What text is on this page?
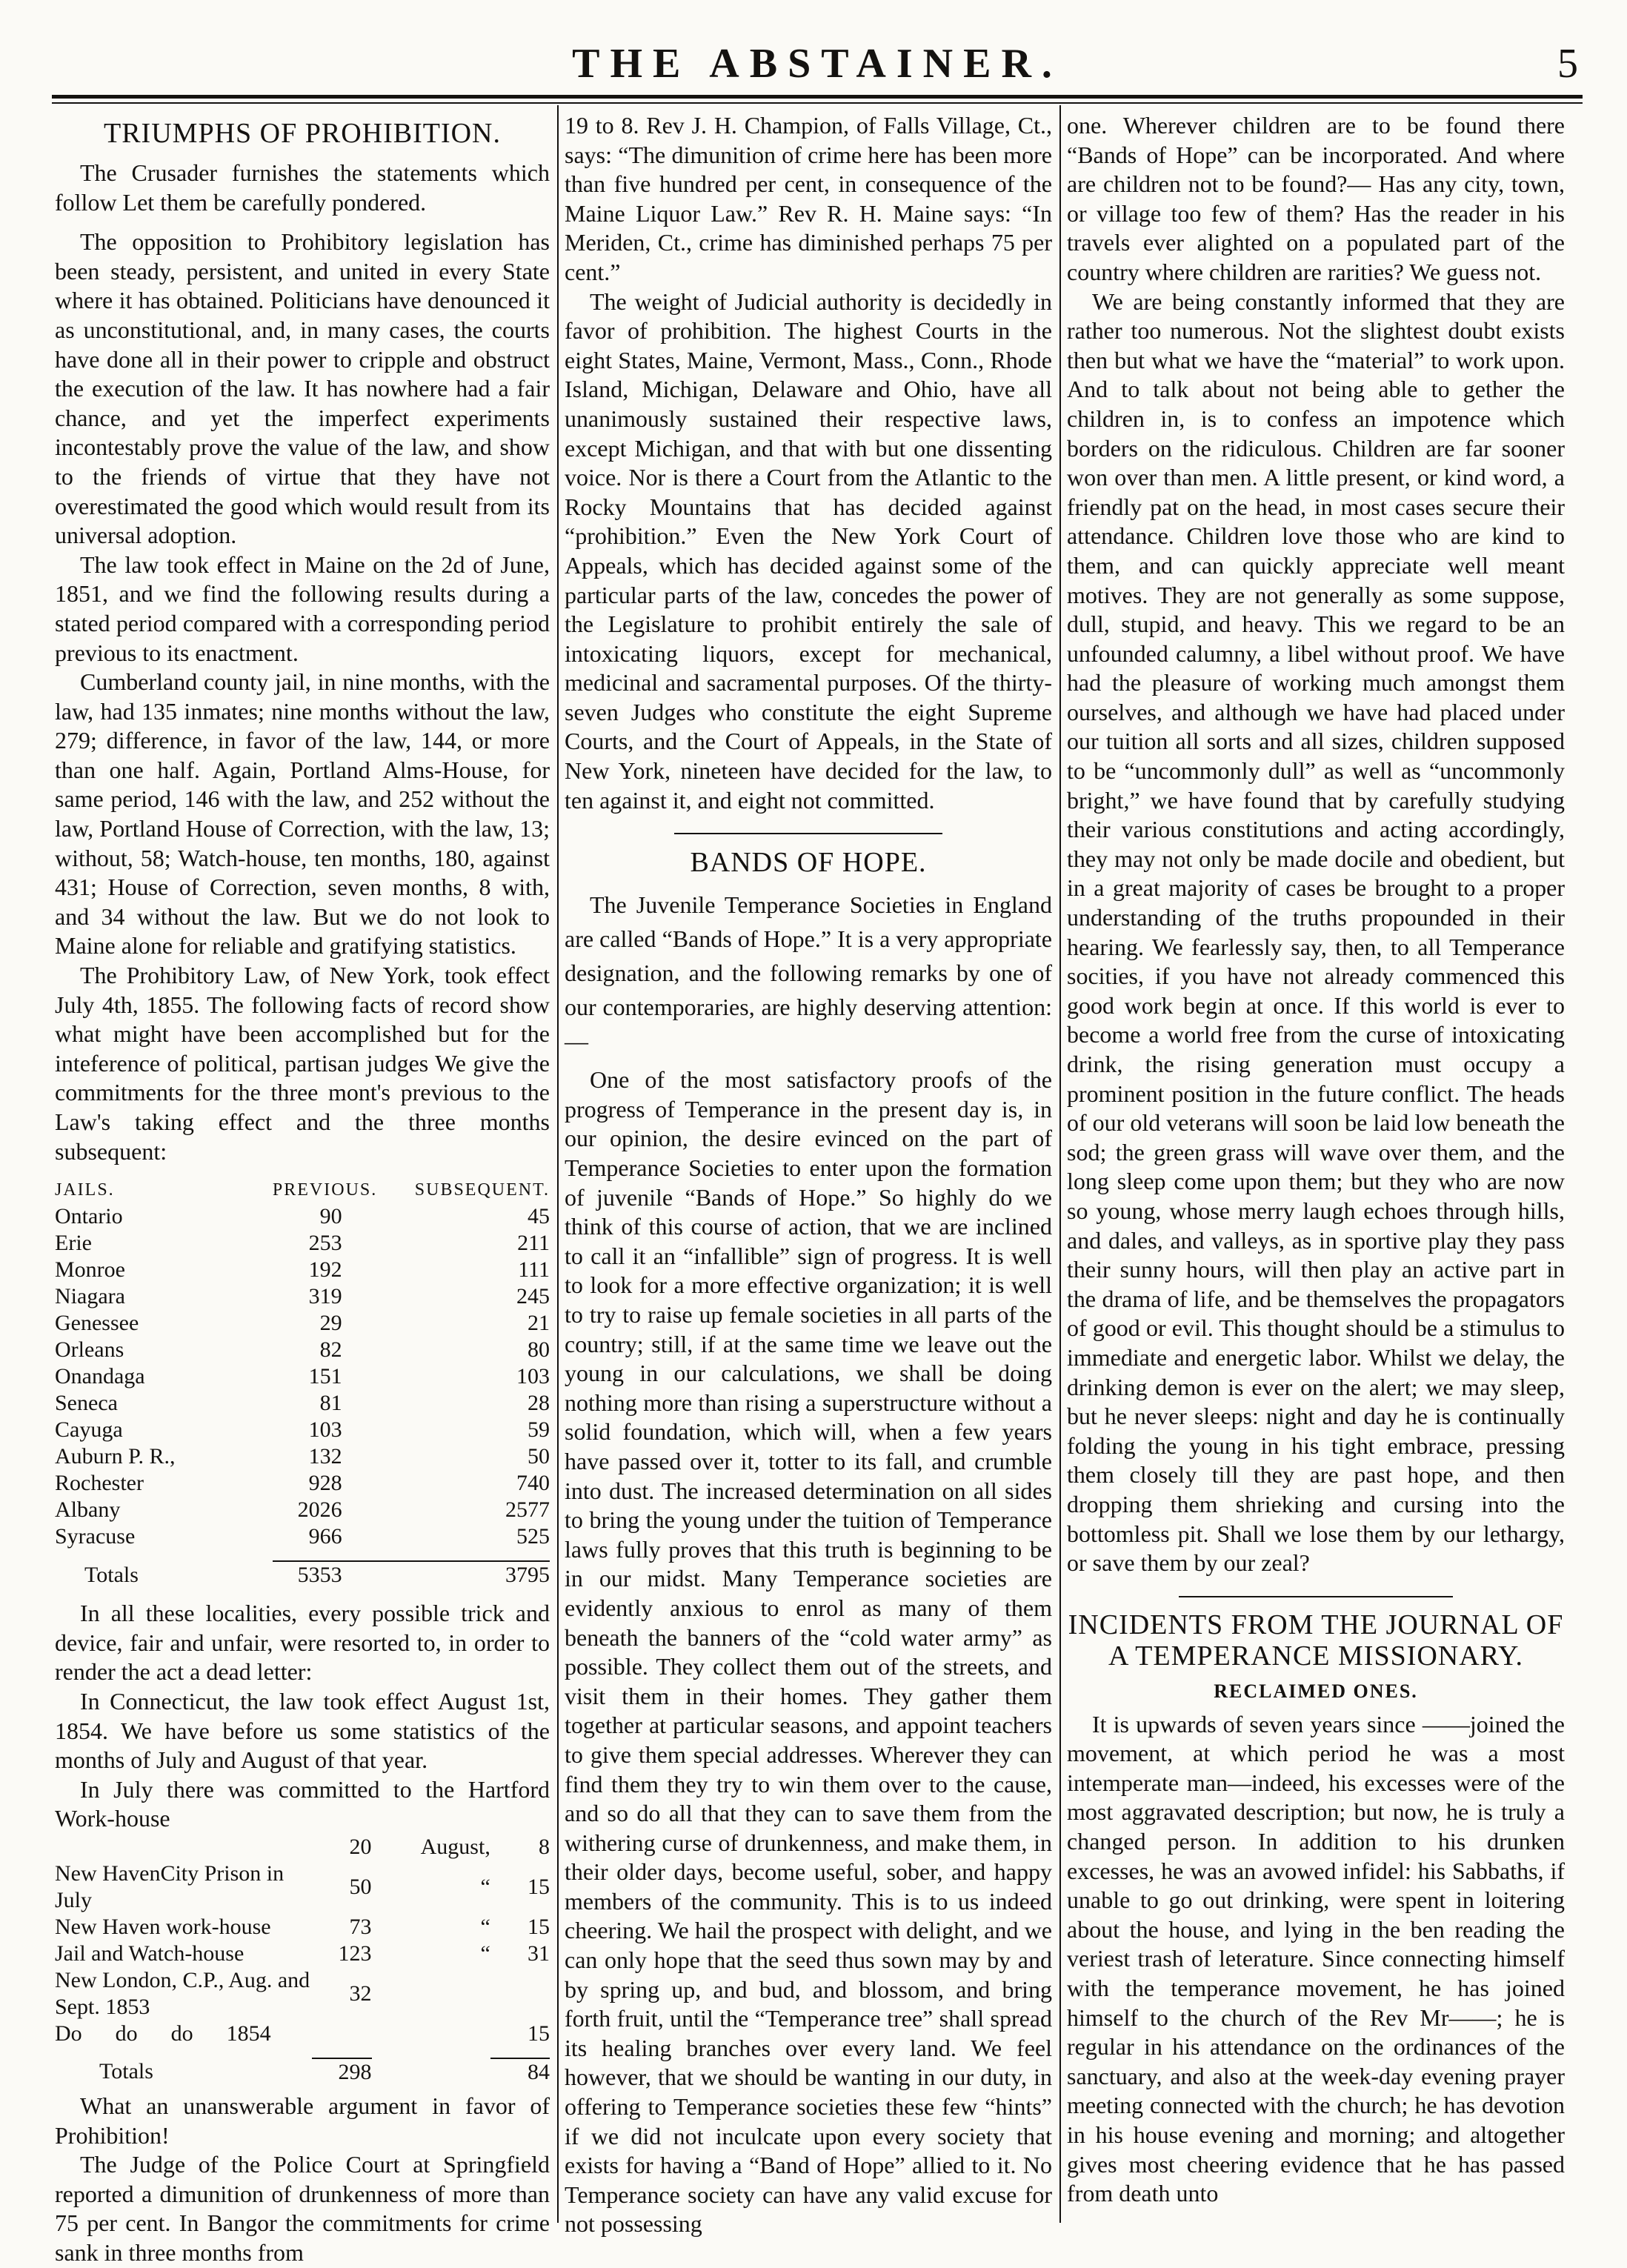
THE ABSTAINER.	5
TRIUMPHS OF PROHIBITION.

The Crusader furnishes the statements which follow Let them be carefully pondered.

The opposition to Prohibitory legislation has been steady, persistent, and united in every State where it has obtained. Politicians have denounced it as unconstitutional, and, in many cases, the courts have done all in their power to cripple and obstruct the execution of the law. It has nowhere had a fair chance, and yet the imperfect experiments incontestably prove the value of the law, and show to the friends of virtue that they have not overestimated the good which would result from its universal adoption.

The law took effect in Maine on the 2d of June, 1851, and we find the following results during a stated period compared with a corresponding period previous to its enactment.

Cumberland county jail, in nine months, with the law, had 135 inmates; nine months without the law, 279; difference, in favor of the law, 144, or more than one half. Again, Portland Alms-House, for same period, 146 with the law, and 252 without the law, Portland House of Correction, with the law, 13; without, 58; Watch-house, ten months, 180, against 431; House of Correction, seven months, 8 with, and 34 without the law. But we do not look to Maine alone for reliable and gratifying statistics.

The Prohibitory Law, of New York, took effect July 4th, 1855. The following facts of record show what might have been accomplished but for the inteference of political, partisan judges We give the commitments for the three mont's previous to the Law's taking effect and the three months subsequent:

JAILS.	PREVIOUS.	SUBSEQUENT.
Ontario	90	45
Erie	253	211
Monroe	192	111
Niagara	319	245
Genessee	29	21
Orleans	82	80
Onandaga	151	103
Seneca	81	28
Cayuga	103	59
Auburn P. R.,	132	50
Rochester	928	740
Albany	2026	2577
Syracuse	966	525

Totals	5353	3795

In all these localities, every possible trick and device, fair and unfair, were resorted to, in order to render the act a dead letter:

In Connecticut, the law took effect August 1st, 1854. We have before us some statistics of the months of July and August of that year.

In July there was committed to the Hartford Work-house

	20	August,	8
New HavenCity Prison in July	50	“	15
New Haven work-house	73	“	15
Jail and Watch-house	123	“	31
New London, C.P., Aug. and Sept. 1853	32		
Do      do      do      1854			15

Totals	298		84

What an unanswerable argument in favor of Prohibition!

The Judge of the Police Court at Springfield reported a dimunition of drunkenness of more than 75 per cent. In Bangor the commitments for crime sank in three months from

19 to 8. Rev J. H. Champion, of Falls Village, Ct., says: “The dimunition of crime here has been more than five hundred per cent, in consequence of the Maine Liquor Law.” Rev R. H. Maine says: “In Meriden, Ct., crime has diminished perhaps 75 per cent.”

The weight of Judicial authority is decidedly in favor of prohibition. The highest Courts in the eight States, Maine, Vermont, Mass., Conn., Rhode Island, Michigan, Delaware and Ohio, have all unanimously sustained their respective laws, except Michigan, and that with but one dissenting voice. Nor is there a Court from the Atlantic to the Rocky Mountains that has decided against “prohibition.” Even the New York Court of Appeals, which has decided against some of the particular parts of the law, concedes the power of the Legislature to prohibit entirely the sale of intoxicating liquors, except for mechanical, medicinal and sacramental purposes. Of the thirty-seven Judges who constitute the eight Supreme Courts, and the Court of Appeals, in the State of New York, nineteen have decided for the law, to ten against it, and eight not committed.

BANDS OF HOPE.

The Juvenile Temperance Societies in England are called “Bands of Hope.” It is a very appropriate designation, and the following remarks by one of our contemporaries, are highly deserving attention:—

One of the most satisfactory proofs of the progress of Temperance in the present day is, in our opinion, the desire evinced on the part of Temperance Societies to enter upon the formation of juvenile “Bands of Hope.” So highly do we think of this course of action, that we are inclined to call it an “infallible” sign of progress. It is well to look for a more effective organization; it is well to try to raise up female societies in all parts of the country; still, if at the same time we leave out the young in our calculations, we shall be doing nothing more than rising a superstructure without a solid foundation, which will, when a few years have passed over it, totter to its fall, and crumble into dust. The increased determination on all sides to bring the young under the tuition of Temperance laws fully proves that this truth is beginning to be in our midst. Many Temperance societies are evidently anxious to enrol as many of them beneath the banners of the “cold water army” as possible. They collect them out of the streets, and visit them in their homes. They gather them together at particular seasons, and appoint teachers to give them special addresses. Wherever they can find them they try to win them over to the cause, and so do all that they can to save them from the withering curse of drunkenness, and make them, in their older days, become useful, sober, and happy members of the community. This is to us indeed cheering. We hail the prospect with delight, and we can only hope that the seed thus sown may by and by spring up, and bud, and blossom, and bring forth fruit, until the “Temperance tree” shall spread its healing branches over every land. We feel however, that we should be wanting in our duty, in offering to Temperance societies these few “hints” if we did not inculcate upon every society that exists for having a “Band of Hope” allied to it. No Temperance society can have any valid excuse for not possessing

one. Wherever children are to be found there “Bands of Hope” can be incorporated. And where are children not to be found?— Has any city, town, or village too few of them? Has the reader in his travels ever alighted on a populated part of the country where children are rarities? We guess not.

We are being constantly informed that they are rather too numerous. Not the slightest doubt exists then but what we have the “material” to work upon. And to talk about not being able to gether the children in, is to confess an impotence which borders on the ridiculous. Children are far sooner won over than men. A little present, or kind word, a friendly pat on the head, in most cases secure their attendance. Children love those who are kind to them, and can quickly appreciate well meant motives. They are not generally as some suppose, dull, stupid, and heavy. This we regard to be an unfounded calumny, a libel without proof. We have had the pleasure of working much amongst them ourselves, and although we have had placed under our tuition all sorts and all sizes, children supposed to be “uncommonly dull” as well as “uncommonly bright,” we have found that by carefully studying their various constitutions and acting accordingly, they may not only be made docile and obedient, but in a great majority of cases be brought to a proper understanding of the truths propounded in their hearing. We fearlessly say, then, to all Temperance socities, if you have not already commenced this good work begin at once. If this world is ever to become a world free from the curse of intoxicating drink, the rising generation must occupy a prominent position in the future conflict. The heads of our old veterans will soon be laid low beneath the sod; the green grass will wave over them, and the long sleep come upon them; but they who are now so young, whose merry laugh echoes through hills, and dales, and valleys, as in sportive play they pass their sunny hours, will then play an active part in the drama of life, and be themselves the propagators of good or evil. This thought should be a stimulus to immediate and energetic labor. Whilst we delay, the drinking demon is ever on the alert; we may sleep, but he never sleeps: night and day he is continually folding the young in his tight embrace, pressing them closely till they are past hope, and then dropping them shrieking and cursing into the bottomless pit. Shall we lose them by our lethargy, or save them by our zeal?

INCIDENTS FROM THE JOURNAL OF A TEMPERANCE MISSIONARY.
RECLAIMED ONES.

It is upwards of seven years since ——joined the movement, at which period he was a most intemperate man—indeed, his excesses were of the most aggravated description; but now, he is truly a changed person. In addition to his drunken excesses, he was an avowed infidel: his Sabbaths, if unable to go out drinking, were spent in loitering about the house, and lying in the ben reading the veriest trash of leterature. Since connecting himself with the temperance movement, he has joined himself to the church of the Rev Mr——; he is regular in his attendance on the ordinances of the sanctuary, and also at the week-day evening prayer meeting connected with the church; he has devotion in his house evening and morning; and altogether gives most cheering evidence that he has passed from death unto
